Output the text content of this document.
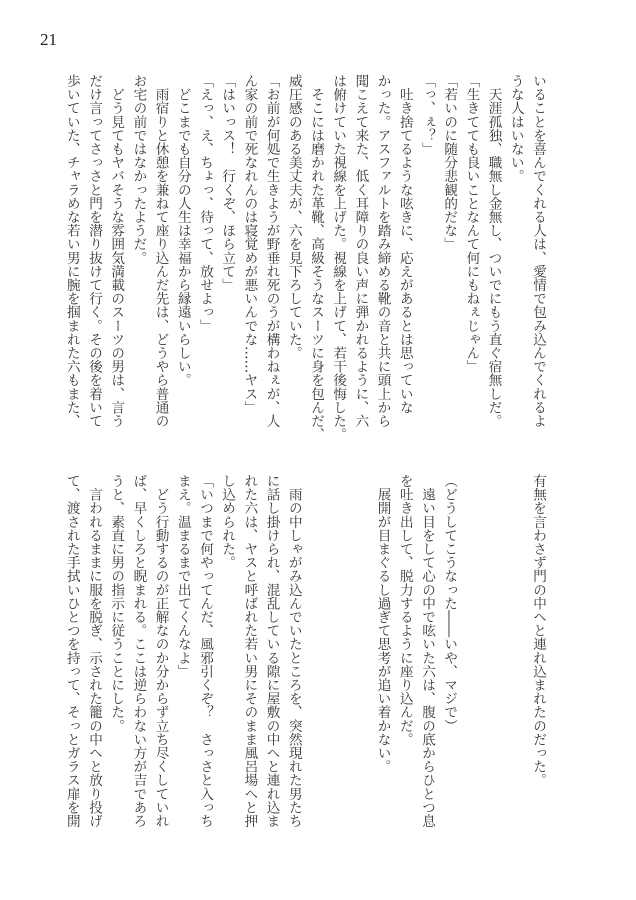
21
いることを喜んでくれる人は、愛情で包み込んでくれるよ
うな人はいない。
　天涯孤独、職無し金無し、ついでにもう直ぐ宿無しだ。
「生きてても良いことなんて何にもねぇじゃん」
「若いのに随分悲観的だな」
「っ、ぇ？」
　吐き捨てるような呟きに、応えがあるとは思っていな
かった。アスファルトを踏み締める靴の音と共に頭上から
聞こえて来た、低く耳障りの良い声に弾かれるように、六
は俯けていた視線を上げた。視線を上げて、若干後悔した。
　そこには磨かれた革靴、高級そうなスーツに身を包んだ、
威圧感のある美丈夫が、六を見下ろしていた。
「お前が何処で生きようが野垂れ死のうが構わねぇが、人
ん家の前で死なれんのは寝覚めが悪いんでな……ヤス」
「はいっス！　行くぞ、ほら立て」
「えっ、え、ちょっ、待って、放せよっ」
　どこまでも自分の人生は幸福から縁遠いらしい。
　雨宿りと休憩を兼ねて座り込んだ先は、どうやら普通の
お宅の前ではなかったようだ。
　どう見てもヤバそうな雰囲気満載のスーツの男は、言う
だけ言ってさっさと門を潜り抜けて行く。その後を着いて
歩いていた、チャラめな若い男に腕を掴まれた六もまた、
有無を言わさず門の中へと連れ込まれたのだった。
（どうしてこうなった――いや、マジで）
　遠い目をして心の中で呟いた六は、腹の底からひとつ息
を吐き出して、脱力するように座り込んだ。
　展開が目まぐるし過ぎて思考が追い着かない。
　雨の中しゃがみ込んでいたところを、突然現れた男たち
に話し掛けられ、混乱している隙に屋敷の中へと連れ込ま
れた六は、ヤスと呼ばれた若い男にそのまま風呂場へと押
し込められた。
「いつまで何やってんだ、風邪引くぞ？　さっさと入っち
まえ。温まるまで出てくんなよ」
　どう行動するのが正解なのか分からず立ち尽くしていれ
ば、早くしろと睨まれる。ここは逆らわない方が吉であろ
うと、素直に男の指示に従うことにした。
　言われるままに服を脱ぎ、示された籠の中へと放り投げ
て、渡された手拭いひとつを持って、そっとガラス扉を開
